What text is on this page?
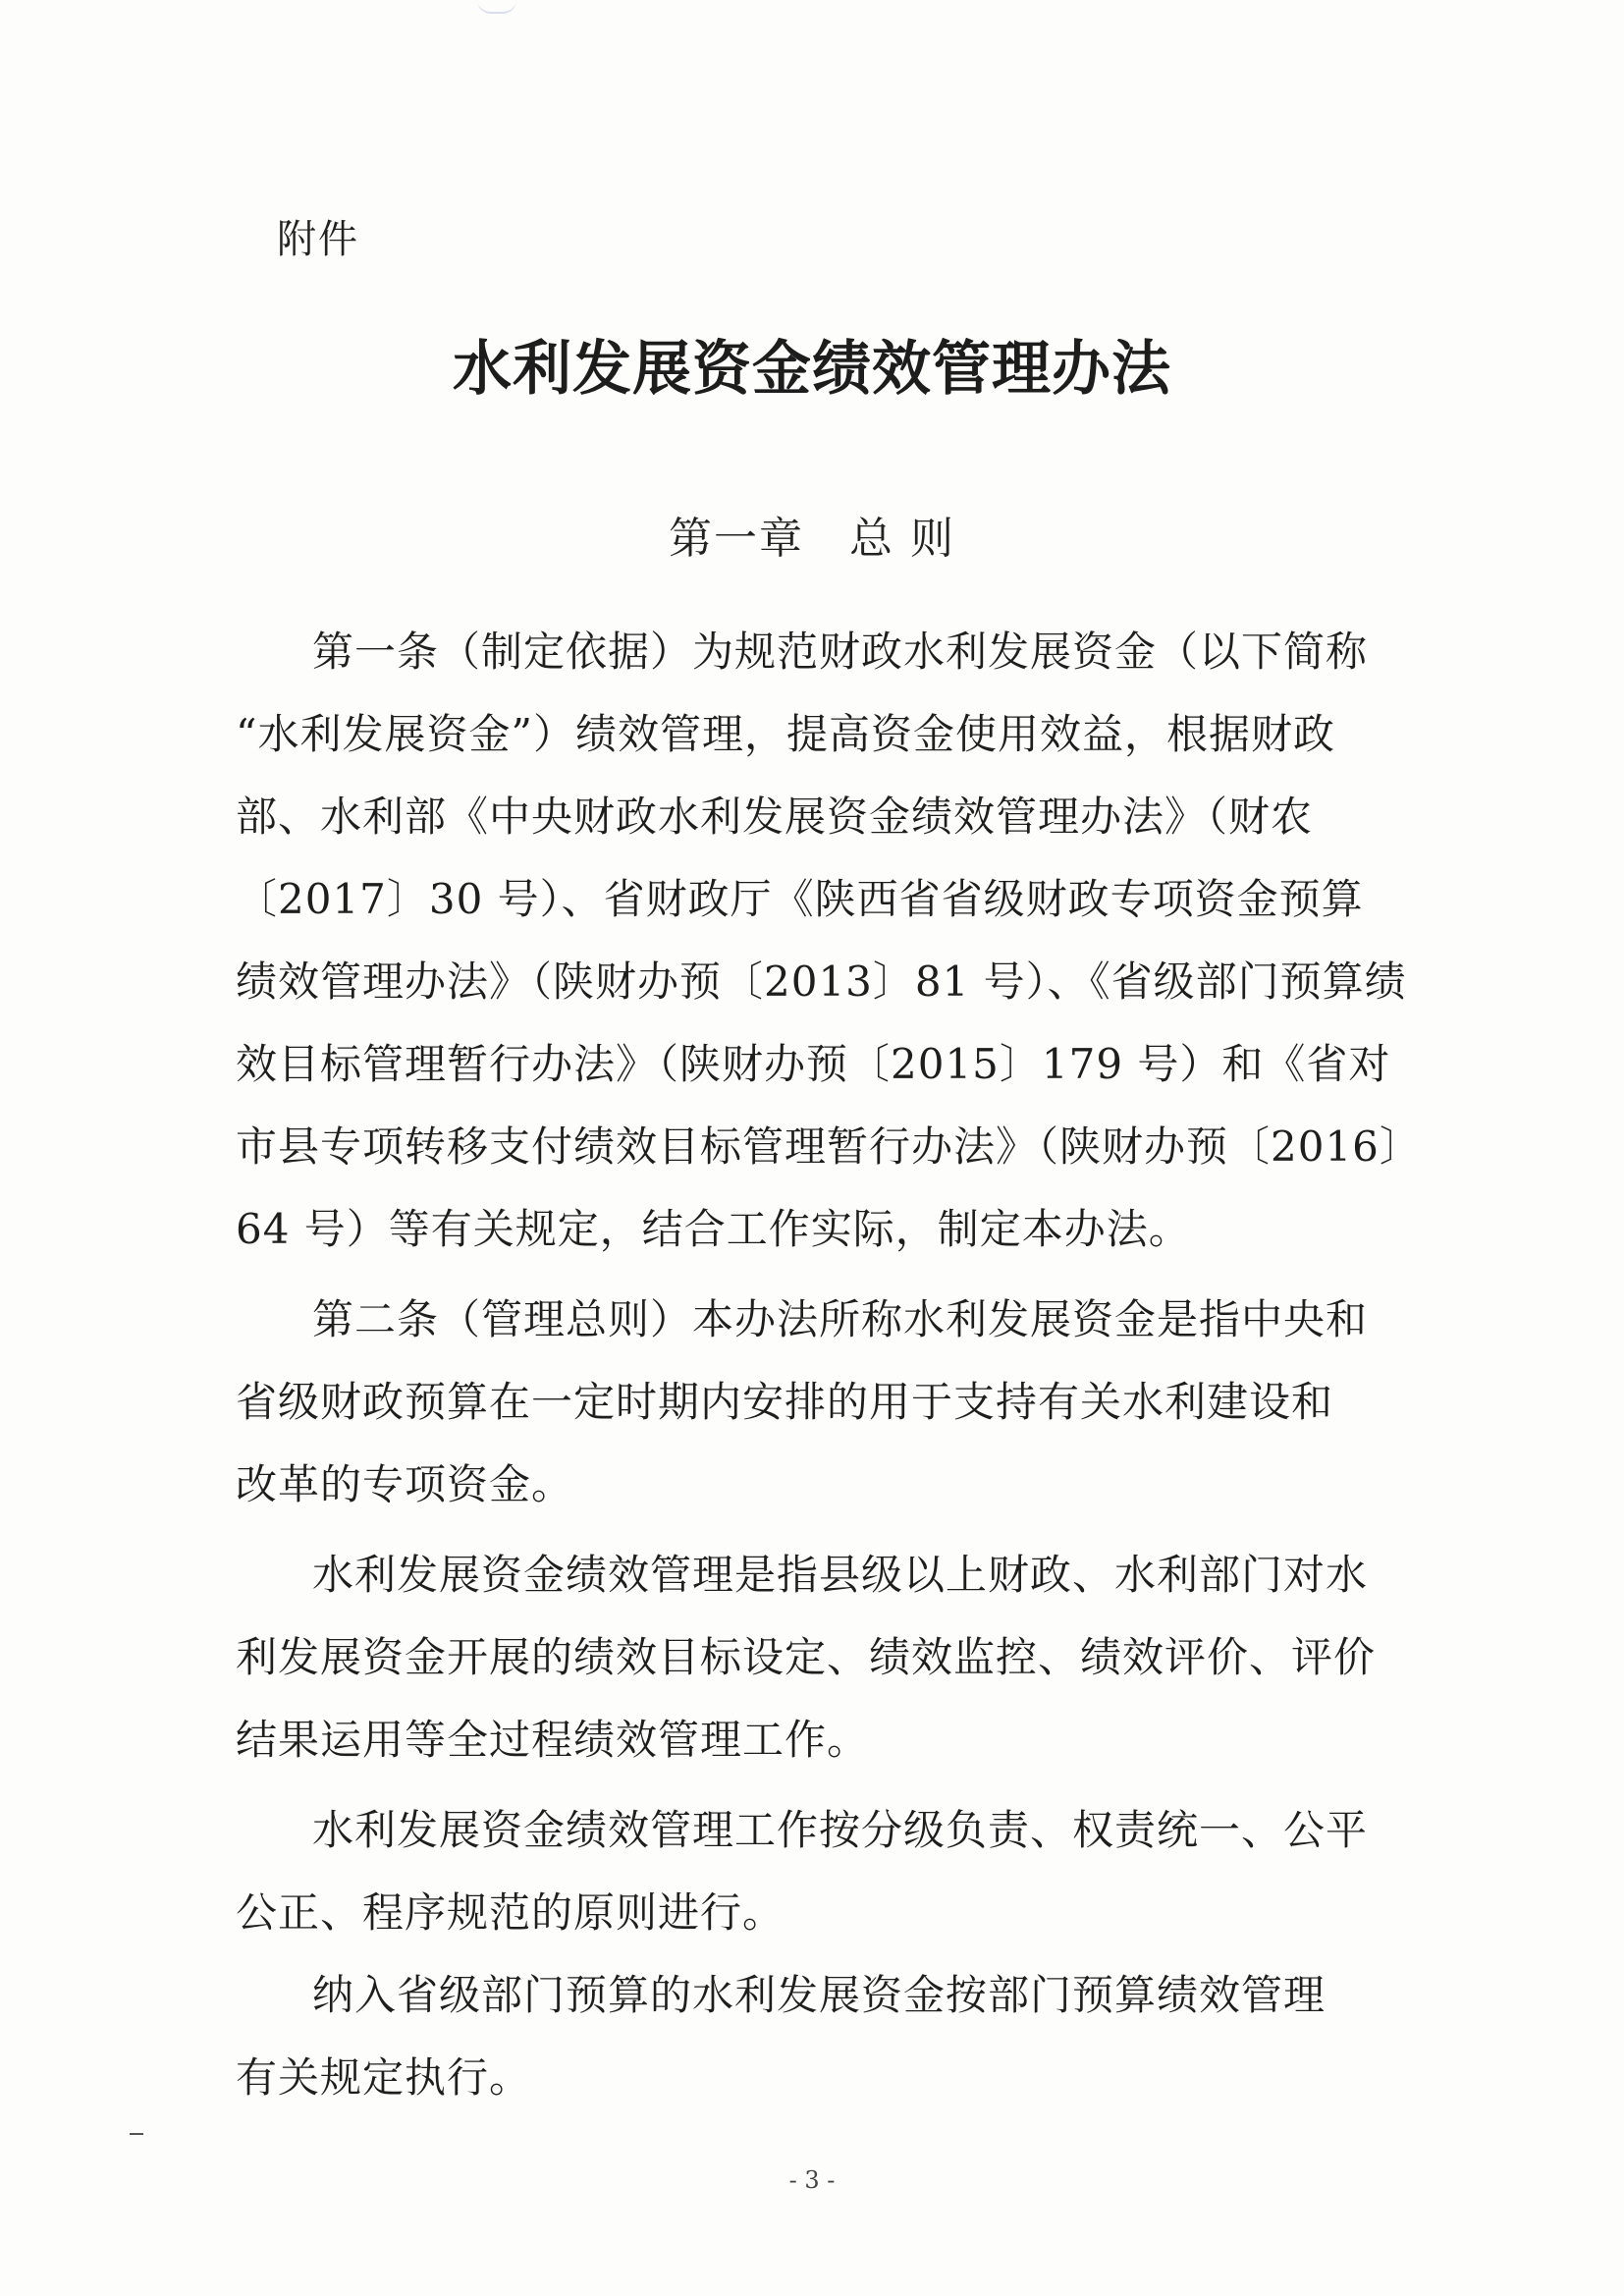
附件
水利发展资金绩效管理办法
第一章　总 则
第一条（制定依据）为规范财政水利发展资金（以下简称
“水利发展资金”）绩效管理，提高资金使用效益，根据财政
部、水利部《中央财政水利发展资金绩效管理办法》（财农
〔2017〕30 号）、省财政厅《陕西省省级财政专项资金预算
绩效管理办法》（陕财办预〔2013〕81 号）、《省级部门预算绩
效目标管理暂行办法》（陕财办预〔2015〕179 号）和《省对
市县专项转移支付绩效目标管理暂行办法》（陕财办预〔2016〕
64 号）等有关规定，结合工作实际，制定本办法。
第二条（管理总则）本办法所称水利发展资金是指中央和
省级财政预算在一定时期内安排的用于支持有关水利建设和
改革的专项资金。
水利发展资金绩效管理是指县级以上财政、水利部门对水
利发展资金开展的绩效目标设定、绩效监控、绩效评价、评价
结果运用等全过程绩效管理工作。
水利发展资金绩效管理工作按分级负责、权责统一、公平
公正、程序规范的原则进行。
纳入省级部门预算的水利发展资金按部门预算绩效管理
有关规定执行。
- 3 -
